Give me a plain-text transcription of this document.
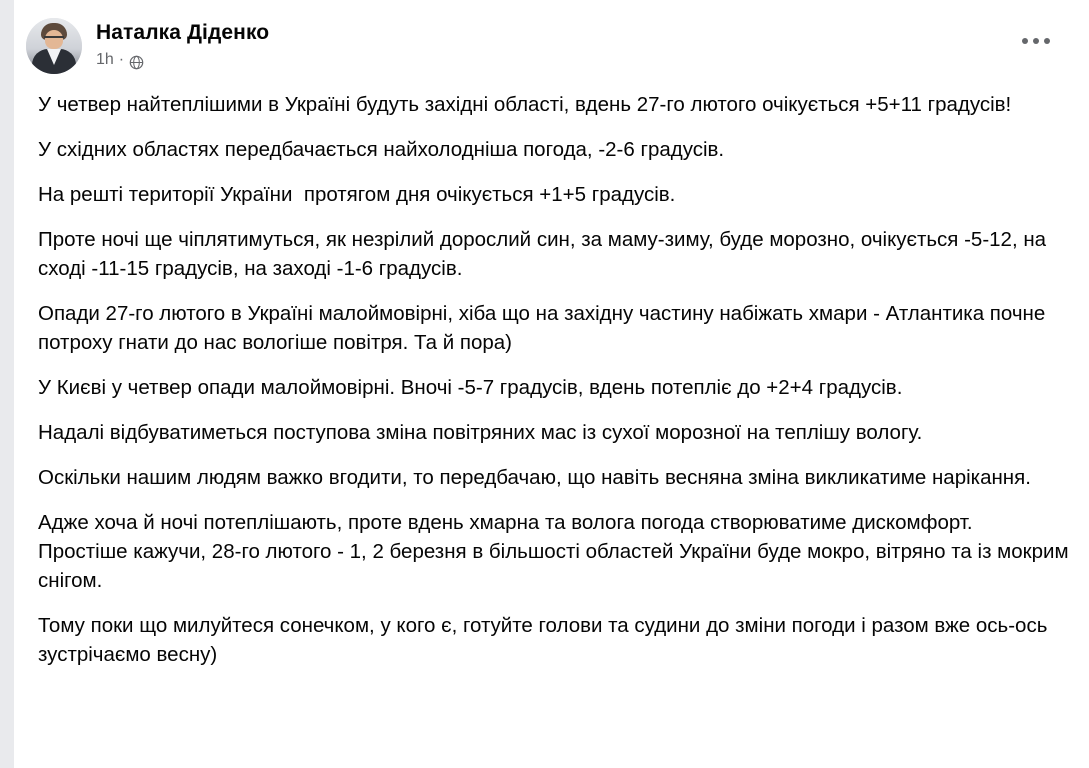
Наталка Діденко
1h ·

У четвер найтеплішими в Україні будуть західні області, вдень 27-го лютого очікується +5+11 градусів!

У східних областях передбачається найхолодніша погода, -2-6 градусів.

На решті території України  протягом дня очікується +1+5 градусів.

Проте ночі ще чіплятимуться, як незрілий дорослий син, за маму-зиму, буде морозно, очікується -5-12, на сході -11-15 градусів, на заході -1-6 градусів.

Опади 27-го лютого в Україні малоймовірні, хіба що на західну частину набіжать хмари - Атлантика почне потроху гнати до нас вологіше повітря. Та й пора)

У Києві у четвер опади малоймовірні. Вночі -5-7 градусів, вдень потепліє до +2+4 градусів.

Надалі відбуватиметься поступова зміна повітряних мас із сухої морозної на теплішу вологу.

Оскільки нашим людям важко вгодити, то передбачаю, що навіть весняна зміна викликатиме нарікання.

Адже хоча й ночі потеплішають, проте вдень хмарна та волога погода створюватиме дискомфорт.

Простіше кажучи, 28-го лютого - 1, 2 березня в більшості областей України буде мокро, вітряно та із мокрим снігом.

Тому поки що милуйтеся сонечком, у кого є, готуйте голови та судини до зміни погоди і разом вже ось-ось зустрічаємо весну)
